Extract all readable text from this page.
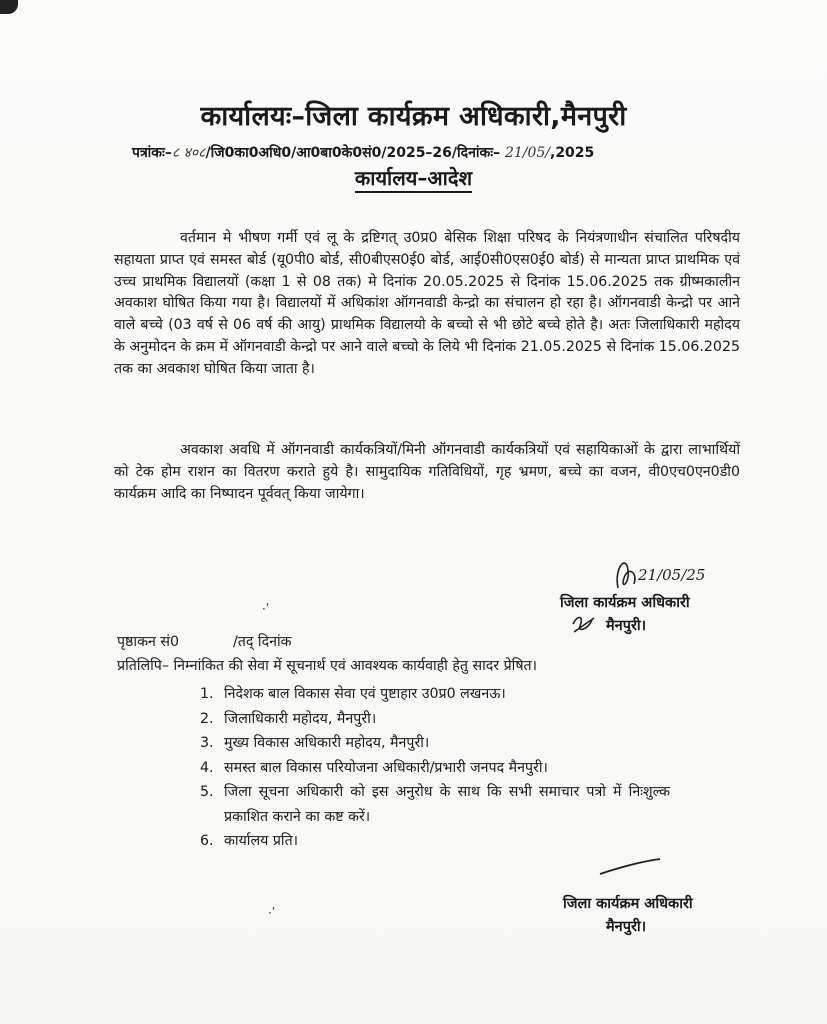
कार्यालयः–जिला कार्यक्रम अधिकारी,मैनपुरी
पत्रांकः–८ ४०८/जि0का0अधि0/आ0बा0के0सं0/2025–26/दिनांकः– 21/05/,2025
कार्यालय–आदेश
वर्तमान मे भीषण गर्मी एवं लू के द्रष्टिगत् उ0प्र0 बेसिक शिक्षा परिषद के नियंत्रणाधीन संचालित परिषदीय सहायता प्राप्त एवं समस्त बोर्ड (यू0पी0 बोर्ड, सी0बीएस0ई0 बोर्ड, आई0सी0एस0ई0 बोर्ड) से मान्यता प्राप्त प्राथमिक एवं उच्च प्राथमिक विद्यालयों (कक्षा 1 से 08 तक) मे दिनांक 20.05.2025 से दिनांक 15.06.2025 तक ग्रीष्मकालीन अवकाश घोषित किया गया है। विद्यालयों में अधिकांश ऑगनवाडी केन्द्रो का संचालन हो रहा है। ऑगनवाडी केन्द्रो पर आने वाले बच्चे (03 वर्ष से 06 वर्ष की आयु) प्राथमिक विद्यालयो के बच्चो से भी छोटे बच्चे होते है। अतः जिलाधिकारी महोदय के अनुमोदन के क्रम में ऑगनवाडी केन्द्रो पर आने वाले बच्चो के लिये भी दिनांक 21.05.2025 से दिनांक 15.06.2025 तक का अवकाश घोषित किया जाता है।
अवकाश अवधि में ऑगनवाडी कार्यकत्रियों/मिनी ऑगनवाडी कार्यकत्रियों एवं सहायिकाओं के द्वारा लाभार्थियों को टेक होम राशन का वितरण कराते हुये है। सामुदायिक गतिविधियों, गृह भ्रमण, बच्चे का वजन, वी0एच0एन0डी0 कार्यक्रम आदि का निष्पादन पूर्ववत् किया जायेगा।
21/05/25
जिला कार्यक्रम अधिकारी
मैनपुरी।
·ʹ
पृष्ठाकन सं0	/तद् दिनांक
प्रतिलिपि– निम्नांकित की सेवा में सूचनार्थ एवं आवश्यक कार्यवाही हेतु सादर प्रेषित।
1. निदेशक बाल विकास सेवा एवं पुष्टाहार उ0प्र0 लखनऊ।
2. जिलाधिकारी महोदय, मैनपुरी।
3. मुख्य विकास अधिकारी महोदय, मैनपुरी।
4. समस्त बाल विकास परियोजना अधिकारी/प्रभारी जनपद मैनपुरी।
5. जिला सूचना अधिकारी को इस अनुरोध के साथ कि सभी समाचार पत्रो में निःशुल्क प्रकाशित कराने का कष्ट करें।
6. कार्यालय प्रति।
·ʹ
जिला कार्यक्रम अधिकारी
मैनपुरी।
